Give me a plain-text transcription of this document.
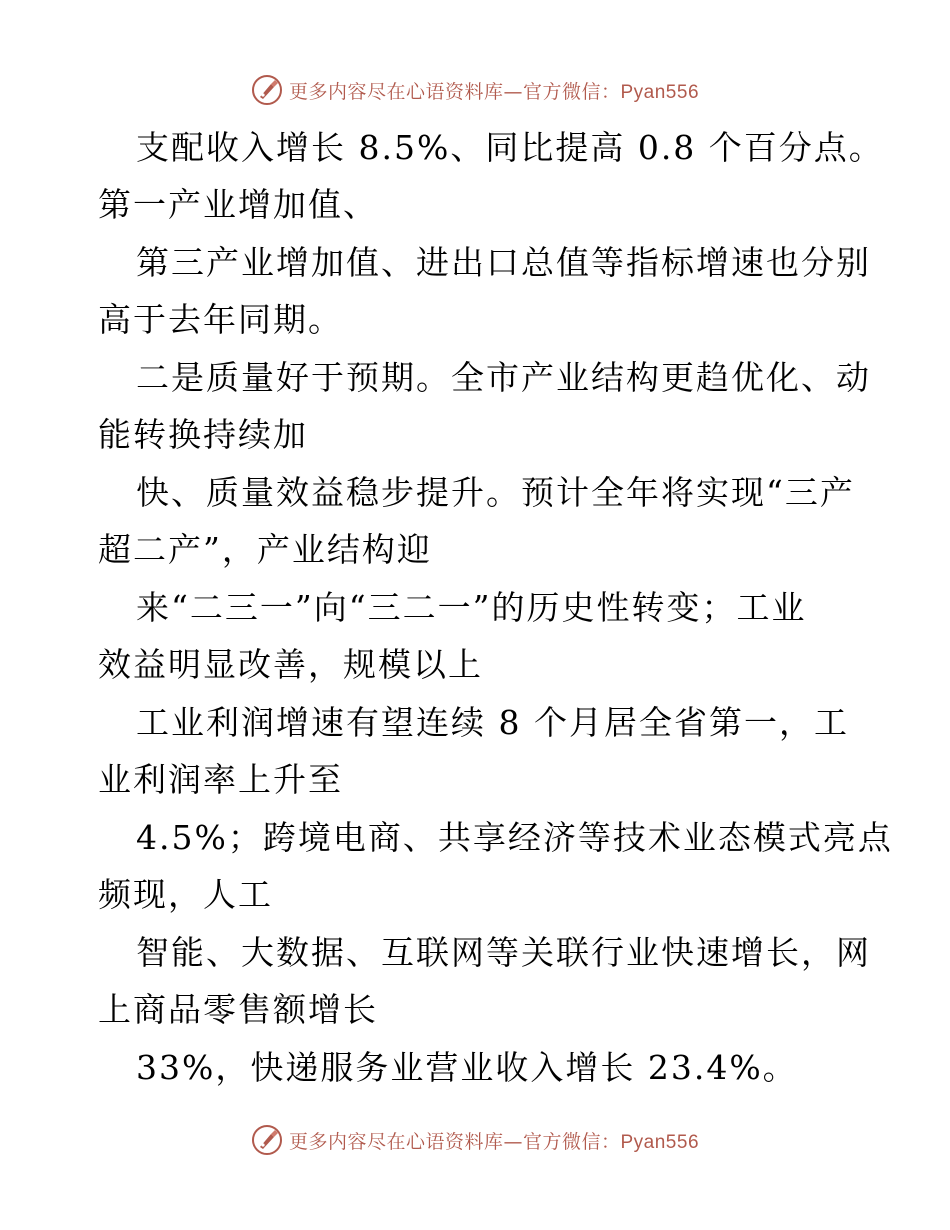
更多内容尽在心语资料库—官方微信：Pyan556
支配收入增长 8.5%、同比提高 0.8 个百分点。
第一产业增加值、
第三产业增加值、进出口总值等指标增速也分别
高于去年同期。
二是质量好于预期。全市产业结构更趋优化、动
能转换持续加
快、质量效益稳步提升。预计全年将实现“三产
超二产”，产业结构迎
来“二三一”向“三二一”的历史性转变；工业
效益明显改善，规模以上
工业利润增速有望连续 8 个月居全省第一，工
业利润率上升至
4.5%；跨境电商、共享经济等技术业态模式亮点
频现，人工
智能、大数据、互联网等关联行业快速增长，网
上商品零售额增长
33%，快递服务业营业收入增长 23.4%。
更多内容尽在心语资料库—官方微信：Pyan556
